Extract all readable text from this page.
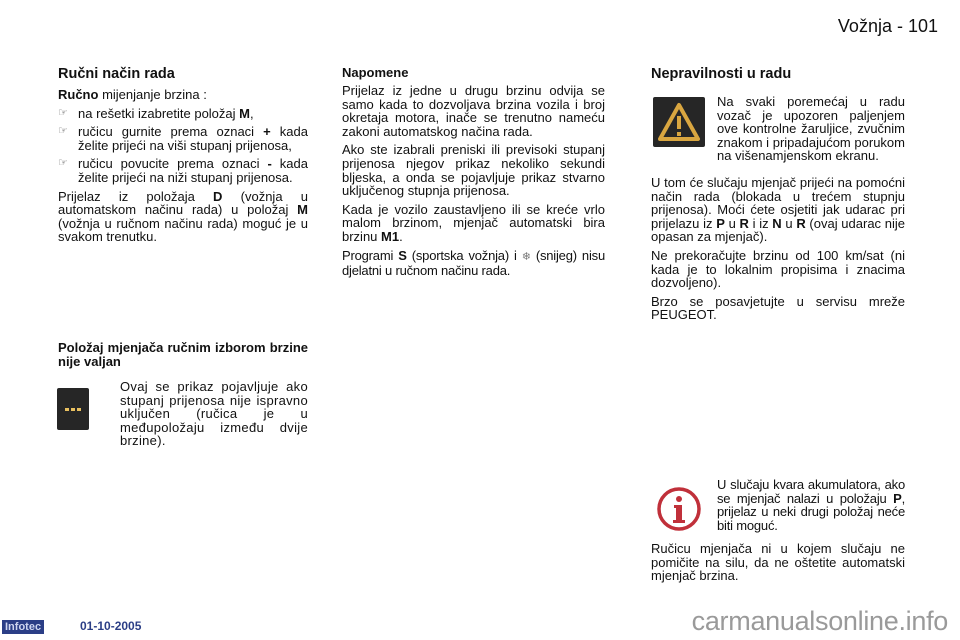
Vožnja - 101
Ručni način rada

Ručno mijenjanje brzina :

☞ na rešetki izabretite položaj M,
☞ ručicu gurnite prema oznaci + kada želite prijeći na viši stupanj prijenosa,
☞ ručicu povucite prema oznaci - kada želite prijeći na niži stupanj prijenosa.

Prijelaz iz položaja D (vožnja u automatskom načinu rada) u položaj M (vožnja u ručnom načinu rada) moguć je u svakom trenutku.

Položaj mjenjača ručnim izborom brzine nije valjan
Ovaj se prikaz pojavljuje ako stupanj prijenosa nije ispravno uključen (ručica je u međupoložaju između dvije brzine).
Napomene

Prijelaz iz jedne u drugu brzinu odvija se samo kada to dozvoljava brzina vozila i broj okretaja motora, inače se trenutno nameću zakoni automatskog načina rada.

Ako ste izabrali preniski ili previsoki stupanj prijenosa njegov prikaz nekoliko sekundi bljeska, a onda se pojavljuje prikaz stvarno uključenog stupnja prijenosa.

Kada je vozilo zaustavljeno ili se kreće vrlo malom brzinom, mjenjač automatski bira brzinu M1.

Programi S (sportska vožnja) i ❄ (snijeg) nisu djelatni u ručnom načinu rada.

Nepravilnosti u radu
Na svaki poremećaj u radu vozač je upozoren paljenjem ove kontrolne žaruljice, zvučnim znakom i pripadajućom porukom na višenamjenskom ekranu.

U tom će slučaju mjenjač prijeći na pomoćni način rada (blokada u trećem stupnju prijenosa). Moći ćete osjetiti jak udarac pri prijelazu iz P u R i iz N u R (ovaj udarac nije opasan za mjenjač).

Ne prekoračujte brzinu od 100 km/sat (ni kada je to lokalnim propisima i znacima dozvoljeno).

Brzo se posavjetujte u servisu mreže PEUGEOT.

U slučaju kvara akumulatora, ako se mjenjač nalazi u položaju P, prijelaz u neki drugi položaj neće biti moguć.
Ručicu mjenjača ni u kojem slučaju ne pomičite na silu, da ne oštetite automatski mjenjač brzina.
Infotec	01-10-2005	carmanualsonline.info
